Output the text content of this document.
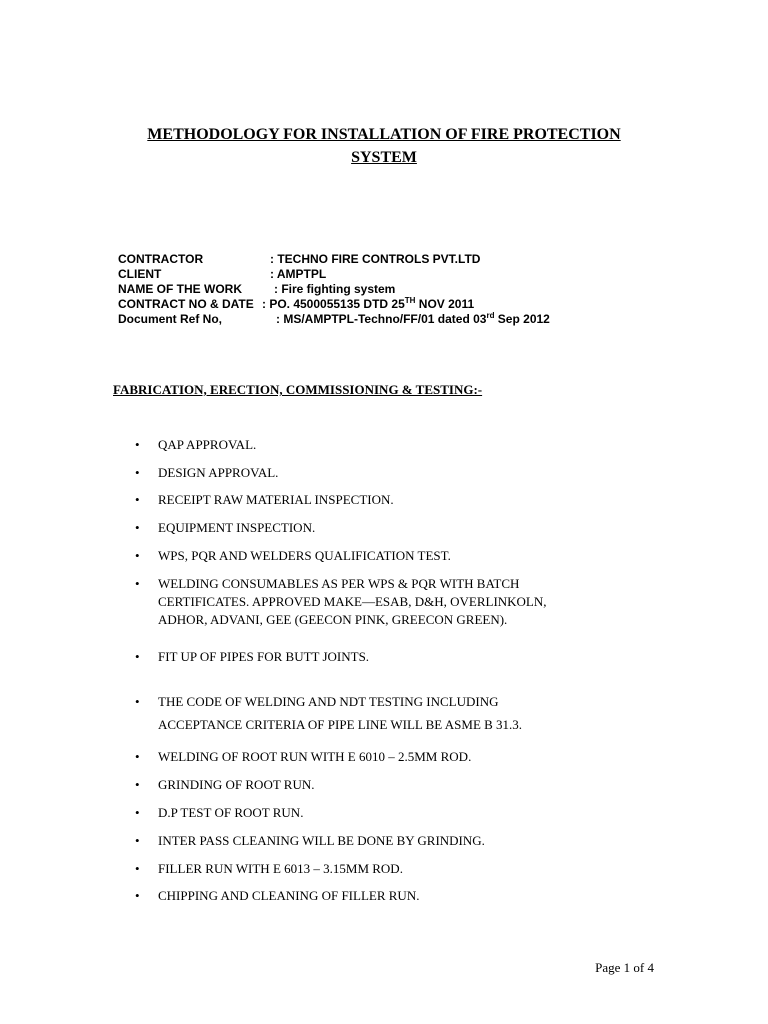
METHODOLOGY FOR INSTALLATION OF FIRE PROTECTION
SYSTEM
CONTRACTOR	: TECHNO FIRE CONTROLS PVT.LTD
CLIENT	: AMPTPL
NAME OF THE WORK	: Fire fighting system
CONTRACT NO & DATE : PO. 4500055135 DTD 25TH NOV 2011
Document Ref No,	: MS/AMPTPL-Techno/FF/01 dated 03rd Sep 2012
FABRICATION, ERECTION, COMMISSIONING & TESTING:-
• QAP APPROVAL.
• DESIGN APPROVAL.
• RECEIPT RAW MATERIAL INSPECTION.
• EQUIPMENT INSPECTION.
• WPS, PQR AND WELDERS QUALIFICATION TEST.
• WELDING CONSUMABLES AS PER WPS & PQR WITH BATCH
CERTIFICATES. APPROVED MAKE—ESAB, D&H, OVERLINKOLN,
ADHOR, ADVANI, GEE (GEECON PINK, GREECON GREEN).
• FIT UP OF PIPES FOR BUTT JOINTS.
• THE CODE OF WELDING AND NDT TESTING INCLUDING
ACCEPTANCE CRITERIA OF PIPE LINE WILL BE ASME B 31.3.
• WELDING OF ROOT RUN WITH E 6010 – 2.5MM ROD.
• GRINDING OF ROOT RUN.
• D.P TEST OF ROOT RUN.
• INTER PASS CLEANING WILL BE DONE BY GRINDING.
• FILLER RUN WITH E 6013 – 3.15MM ROD.
• CHIPPING AND CLEANING OF FILLER RUN.
Page 1 of 4
